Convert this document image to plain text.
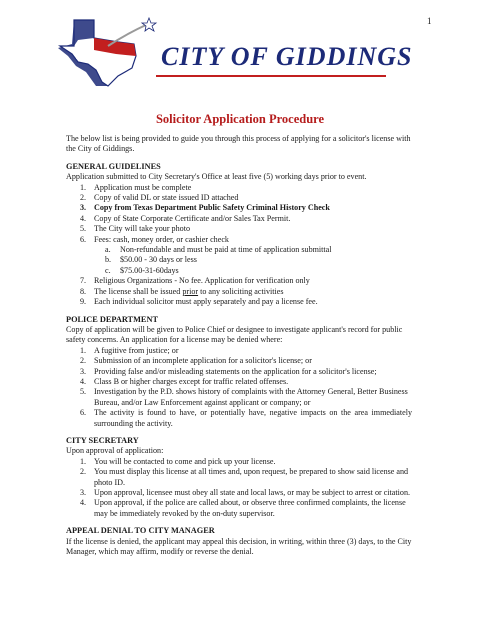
1
CITY OF GIDDINGS
Solicitor Application Procedure

The below list is being provided to guide you through this process of applying for a solicitor's license with the City of Giddings.

GENERAL GUIDELINES

Application submitted to City Secretary's Office at least five (5) working days prior to event.

1. Application must be complete
2. Copy of valid DL or state issued ID attached
3. Copy from Texas Department Public Safety Criminal History Check
4. Copy of State Corporate Certificate and/or Sales Tax Permit.
5. The City will take your photo
6. Fees: cash, money order, or cashier check
a. Non-refundable and must be paid at time of application submittal
b. $50.00 - 30 days or less
c. $75.00-31-60days
7. Religious Organizations - No fee. Application for verification only
8. The license shall be issued prior to any soliciting activities
9. Each individual solicitor must apply separately and pay a license fee.
POLICE DEPARTMENT

Copy of application will be given to Police Chief or designee to investigate applicant's record for public safety concerns. An application for a license may be denied where:

1. A fugitive from justice; or
2. Submission of an incomplete application for a solicitor's license; or
3. Providing false and/or misleading statements on the application for a solicitor's license;
4. Class B or higher charges except for traffic related offenses.
5. Investigation by the P.D. shows history of complaints with the Attorney General, Better Business Bureau, and/or Law Enforcement against applicant or company; or
6. The activity is found to have, or potentially have, negative impacts on the area immediately surrounding the activity.
CITY SECRETARY

Upon approval of application:

1. You will be contacted to come and pick up your license.
2. You must display this license at all times and, upon request, be prepared to show said license and photo ID.
3. Upon approval, licensee must obey all state and local laws, or may be subject to arrest or citation.
4. Upon approval, if the police are called about, or observe three confirmed complaints, the license may be immediately revoked by the on-duty supervisor.
APPEAL DENIAL TO CITY MANAGER

If the license is denied, the applicant may appeal this decision, in writing, within three (3) days, to the City Manager, which may affirm, modify or reverse the denial.
